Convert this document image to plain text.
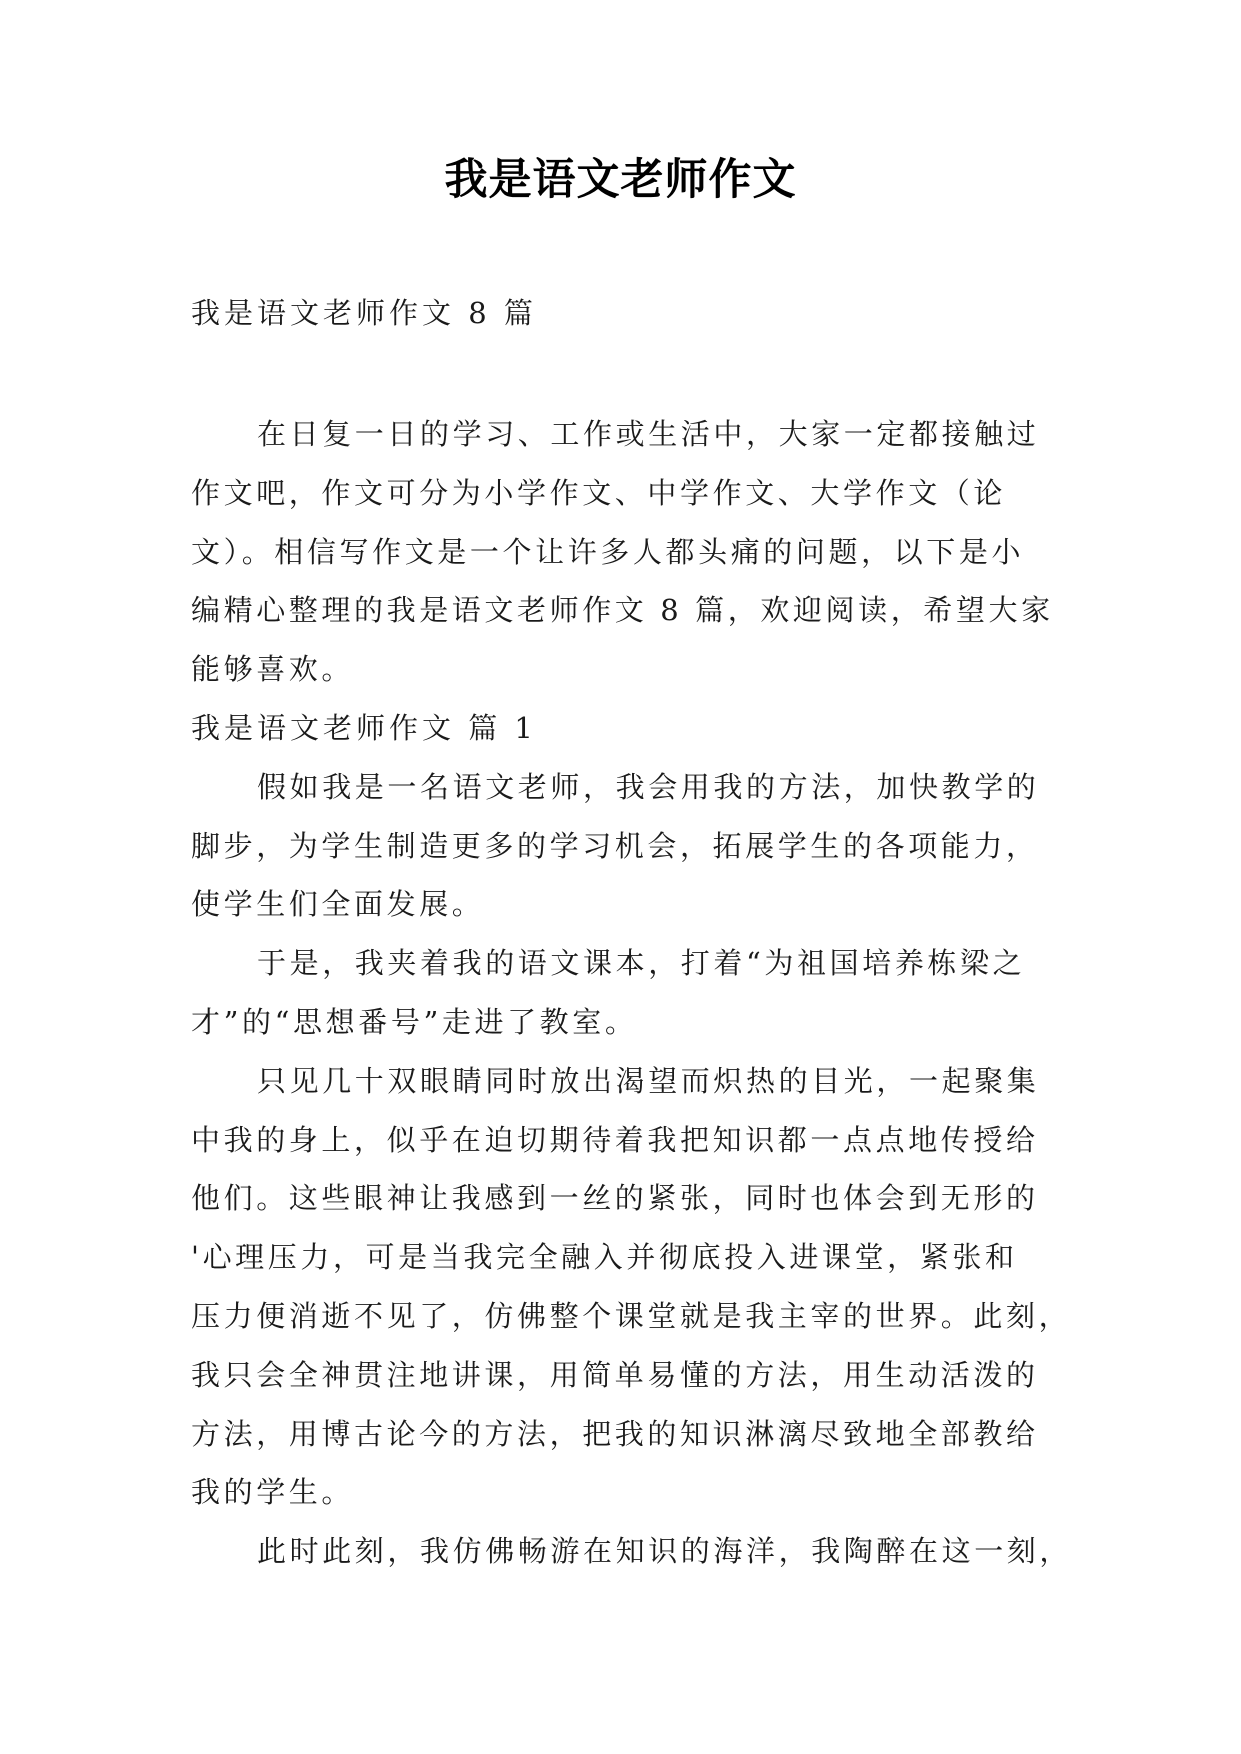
我是语文老师作文
我是语文老师作文 8 篇
在日复一日的学习、工作或生活中，大家一定都接触过
作文吧，作文可分为小学作文、中学作文、大学作文（论
文）。相信写作文是一个让许多人都头痛的问题，以下是小
编精心整理的我是语文老师作文 8 篇，欢迎阅读，希望大家
能够喜欢。
我是语文老师作文 篇 1
假如我是一名语文老师，我会用我的方法，加快教学的
脚步，为学生制造更多的学习机会，拓展学生的各项能力，
使学生们全面发展。
于是，我夹着我的语文课本，打着“为祖国培养栋梁之
才”的“思想番号”走进了教室。
只见几十双眼睛同时放出渴望而炽热的目光，一起聚集
中我的身上，似乎在迫切期待着我把知识都一点点地传授给
他们。这些眼神让我感到一丝的紧张，同时也体会到无形的
'心理压力，可是当我完全融入并彻底投入进课堂，紧张和
压力便消逝不见了，仿佛整个课堂就是我主宰的世界。此刻，
我只会全神贯注地讲课，用简单易懂的方法，用生动活泼的
方法，用博古论今的方法，把我的知识淋漓尽致地全部教给
我的学生。
此时此刻，我仿佛畅游在知识的海洋，我陶醉在这一刻，
